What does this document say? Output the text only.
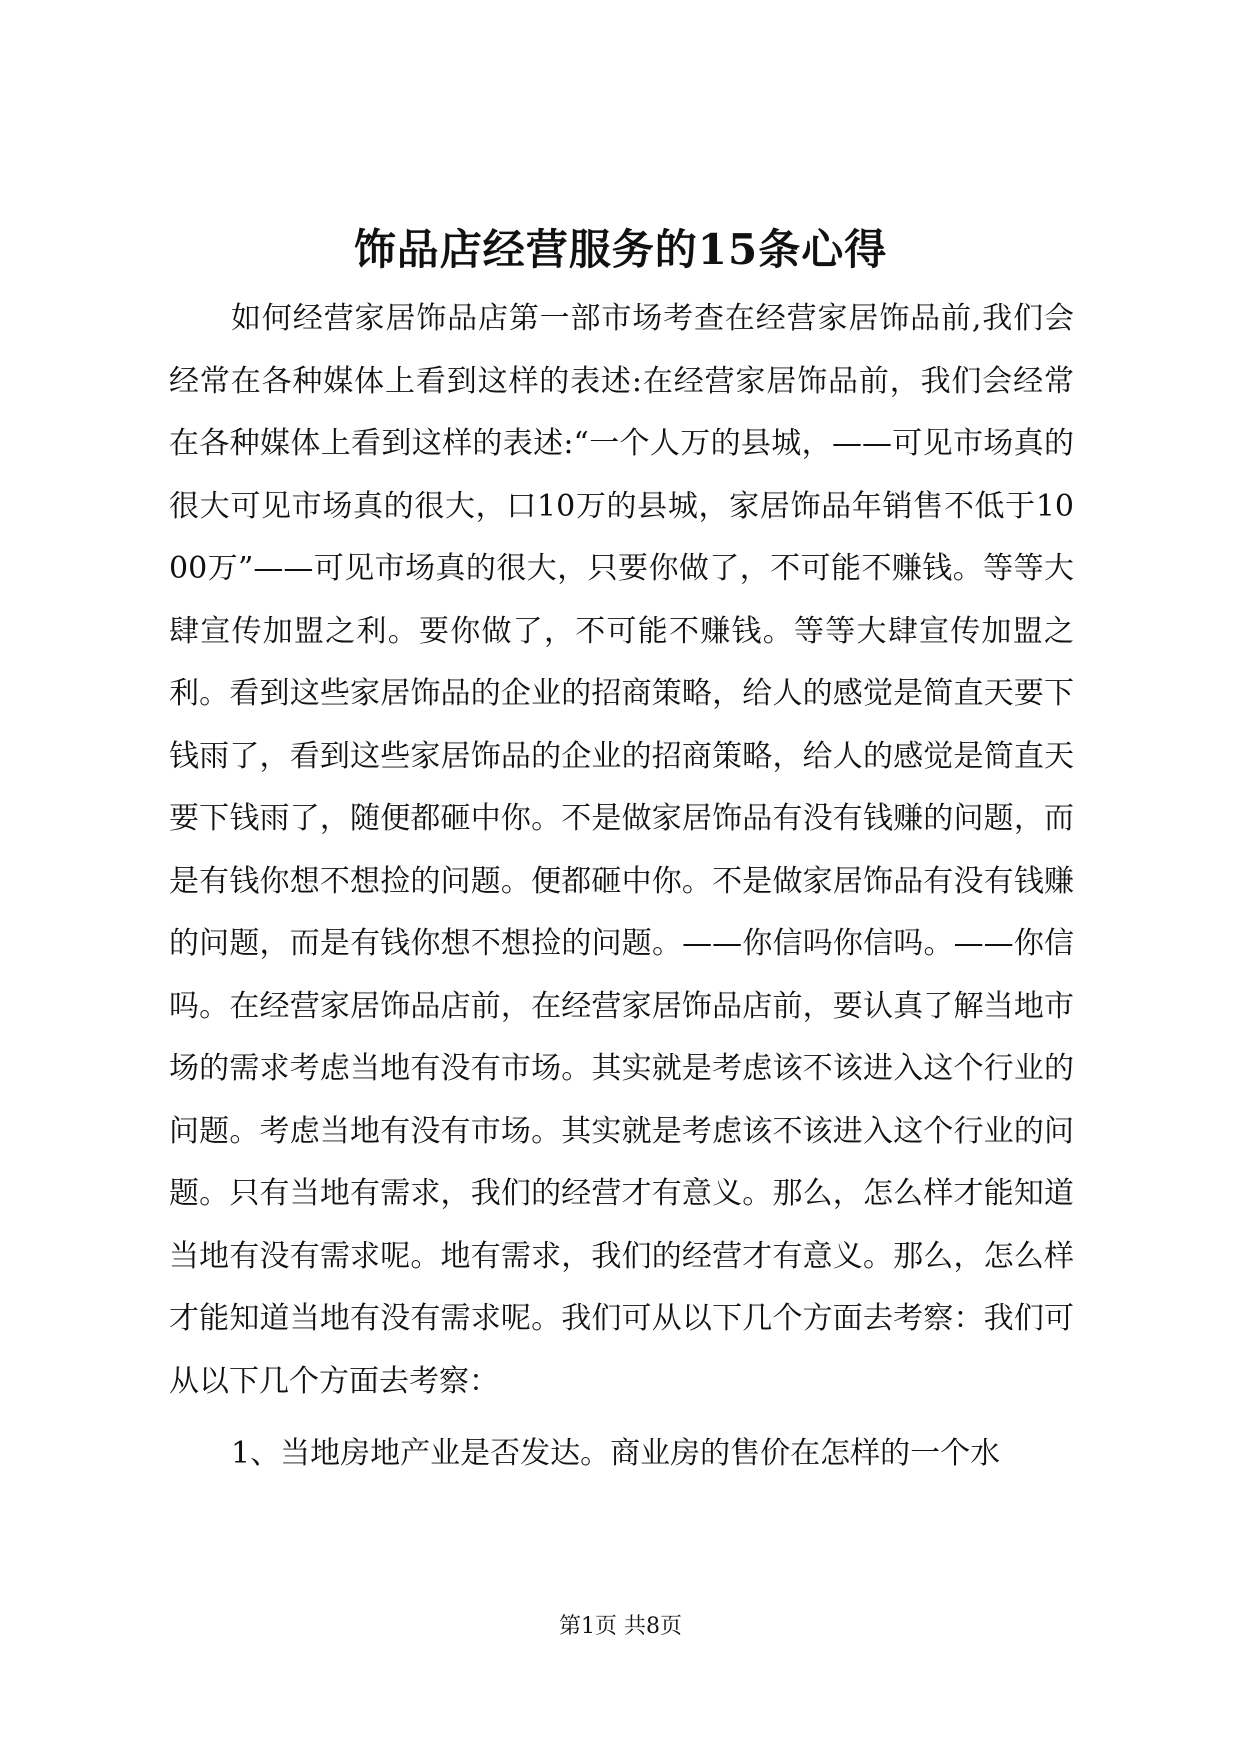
饰品店经营服务的15条心得

如何经营家居饰品店第一部市场考查在经营家居饰品前,我们会经常在各种媒体上看到这样的表述:在经营家居饰品前，我们会经常在各种媒体上看到这样的表述:“一个人万的县城，——可见市场真的很大可见市场真的很大，口10万的县城，家居饰品年销售不低于1000万”——可见市场真的很大，只要你做了，不可能不赚钱。等等大肆宣传加盟之利。要你做了，不可能不赚钱。等等大肆宣传加盟之利。看到这些家居饰品的企业的招商策略，给人的感觉是简直天要下钱雨了，看到这些家居饰品的企业的招商策略，给人的感觉是简直天要下钱雨了，随便都砸中你。不是做家居饰品有没有钱赚的问题，而是有钱你想不想捡的问题。便都砸中你。不是做家居饰品有没有钱赚的问题，而是有钱你想不想捡的问题。——你信吗你信吗。——你信吗。在经营家居饰品店前，在经营家居饰品店前，要认真了解当地市场的需求考虑当地有没有市场。其实就是考虑该不该进入这个行业的问题。考虑当地有没有市场。其实就是考虑该不该进入这个行业的问题。只有当地有需求，我们的经营才有意义。那么，怎么样才能知道当地有没有需求呢。地有需求，我们的经营才有意义。那么，怎么样才能知道当地有没有需求呢。我们可从以下几个方面去考察：我们可从以下几个方面去考察：

1、当地房地产业是否发达。商业房的售价在怎样的一个水

第1页 共8页
